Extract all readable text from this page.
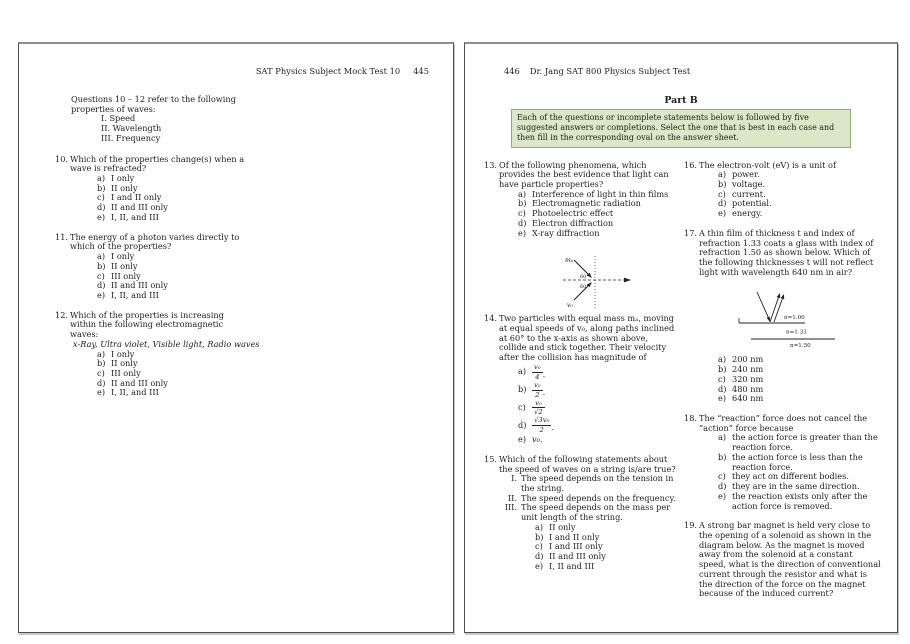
SAT Physics Subject Mock Test 10 445
Questions 10 – 12 refer to the following
properties of waves:
I. Speed
II. Wavelength
III. Frequency
10. Which of the properties change(s) when a wave is refracted?
a) I only
b) II only
c) I and II only
d) II and III only
e) I, II, and III
11. The energy of a photon varies directly to which of the properties?
a) I only
b) II only
c) III only
d) II and III only
e) I, II, and III
12. Which of the properties is increasing within the following electromagnetic waves:
x-Ray, Ultra violet, Visible light, Radio waves
a) I only
b) II only
c) III only
d) II and III only
e) I, II, and III
446 Dr. Jang SAT 800 Physics Subject Test
Part B
Each of the questions or incomplete statements below is followed by five suggested answers or completions. Select the one that is best in each case and then fill in the corresponding oval on the answer sheet.
13. Of the following phenomena, which provides the best evidence that light can have particle properties?
a) Interference of light in thin films
b) Electromagnetic radiation
c) Photoelectric effect
d) Electron diffraction
e) X-ray diffraction
mₐ
v₀
60°
60°
14. Two particles with equal mass mₐ, moving at equal speeds of v₀, along paths inclined at 60° to the x-axis as shown above, collide and stick together. Their velocity after the collision has magnitude of
$a) \frac{\text{v₀}}{4}$ .
$b) \frac{\text{v₀}}{2}$ .
$c) \frac{\text{v₀}}{√2}$
$d) \frac{\text{√3v₀}}{2}$ .
e) v₀.
15. Which of the following statements about the speed of waves on a string is/are true?
I. The speed depends on the tension in the string.
II. The speed depends on the frequency.
III. The speed depends on the mass per unit length of the string.
a) II only
b) I and II only
c) I and III only
d) II and III only
e) I, II and III
16. The electron-volt (eV) is a unit of
a) power.
b) voltage.
c) current.
d) potential.
e) energy.
17. A thin film of thickness t and index of refraction 1.33 coats a glass with index of refraction 1.50 as shown below. Which of the following thicknesses t will not reflect light with wavelength 640 nm in air?
n=1.00
n=1.33
n=1.50
a) 200 nm
b) 240 nm
c) 320 nm
d) 480 nm
e) 640 nm
18. The “reaction” force does not cancel the “action” force because
a) the action force is greater than the reaction force.
b) the action force is less than the reaction force.
c) they act on different bodies.
d) they are in the same direction.
e) the reaction exists only after the action force is removed.
19. A strong bar magnet is held very close to the opening of a solenoid as shown in the diagram below. As the magnet is moved away from the solenoid at a constant speed, what is the direction of conventional current through the resistor and what is the direction of the force on the magnet because of the induced current?
